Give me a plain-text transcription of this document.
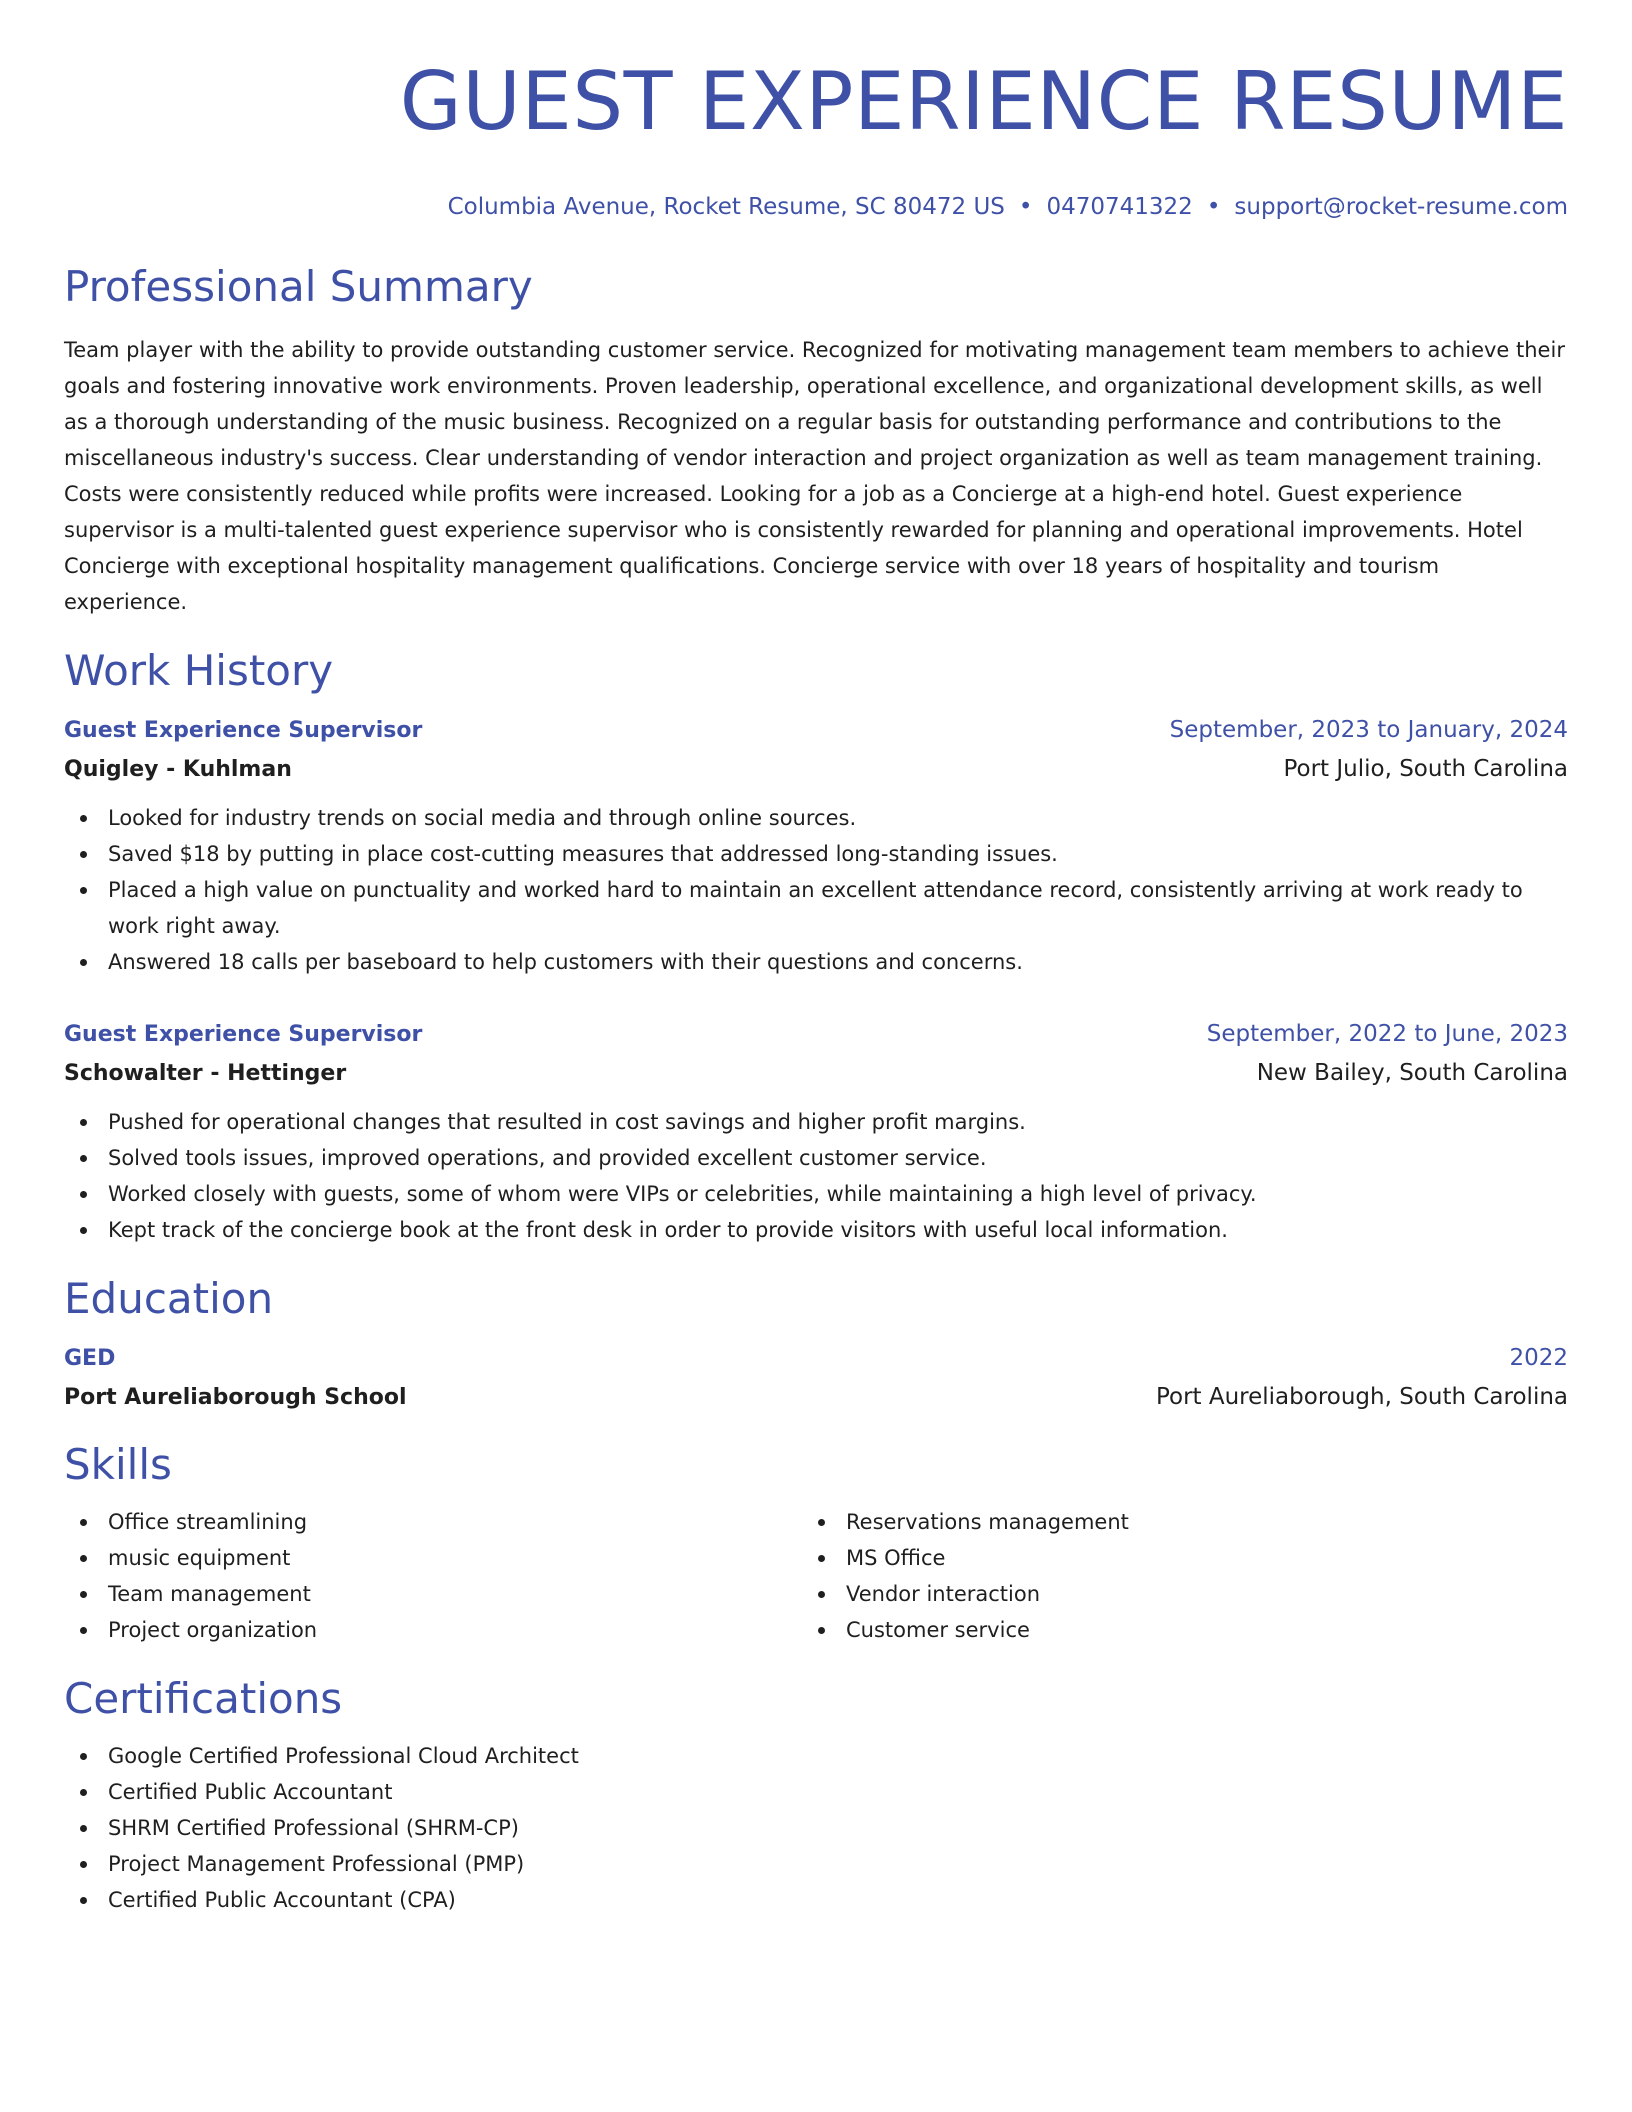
GUEST EXPERIENCE RESUME
Columbia Avenue, Rocket Resume, SC 80472 US • 0470741322 • support@rocket-resume.com
Professional Summary
Team player with the ability to provide outstanding customer service. Recognized for motivating management team members to achieve their goals and fostering innovative work environments. Proven leadership, operational excellence, and organizational development skills, as well as a thorough understanding of the music business. Recognized on a regular basis for outstanding performance and contributions to the miscellaneous industry's success. Clear understanding of vendor interaction and project organization as well as team management training. Costs were consistently reduced while profits were increased. Looking for a job as a Concierge at a high-end hotel. Guest experience supervisor is a multi-talented guest experience supervisor who is consistently rewarded for planning and operational improvements. Hotel Concierge with exceptional hospitality management qualifications. Concierge service with over 18 years of hospitality and tourism experience.
Work History
Guest Experience Supervisor	September, 2023 to January, 2024
Quigley - Kuhlman	Port Julio, South Carolina
Looked for industry trends on social media and through online sources.
Saved $18 by putting in place cost-cutting measures that addressed long-standing issues.
Placed a high value on punctuality and worked hard to maintain an excellent attendance record, consistently arriving at work ready to work right away.
Answered 18 calls per baseboard to help customers with their questions and concerns.
Guest Experience Supervisor	September, 2022 to June, 2023
Schowalter - Hettinger	New Bailey, South Carolina
Pushed for operational changes that resulted in cost savings and higher profit margins.
Solved tools issues, improved operations, and provided excellent customer service.
Worked closely with guests, some of whom were VIPs or celebrities, while maintaining a high level of privacy.
Kept track of the concierge book at the front desk in order to provide visitors with useful local information.
Education
GED	2022
Port Aureliaborough School	Port Aureliaborough, South Carolina
Skills
Office streamlining
music equipment
Team management
Project organization
Reservations management
MS Office
Vendor interaction
Customer service
Certifications
Google Certified Professional Cloud Architect
Certified Public Accountant
SHRM Certified Professional (SHRM-CP)
Project Management Professional (PMP)
Certified Public Accountant (CPA)
